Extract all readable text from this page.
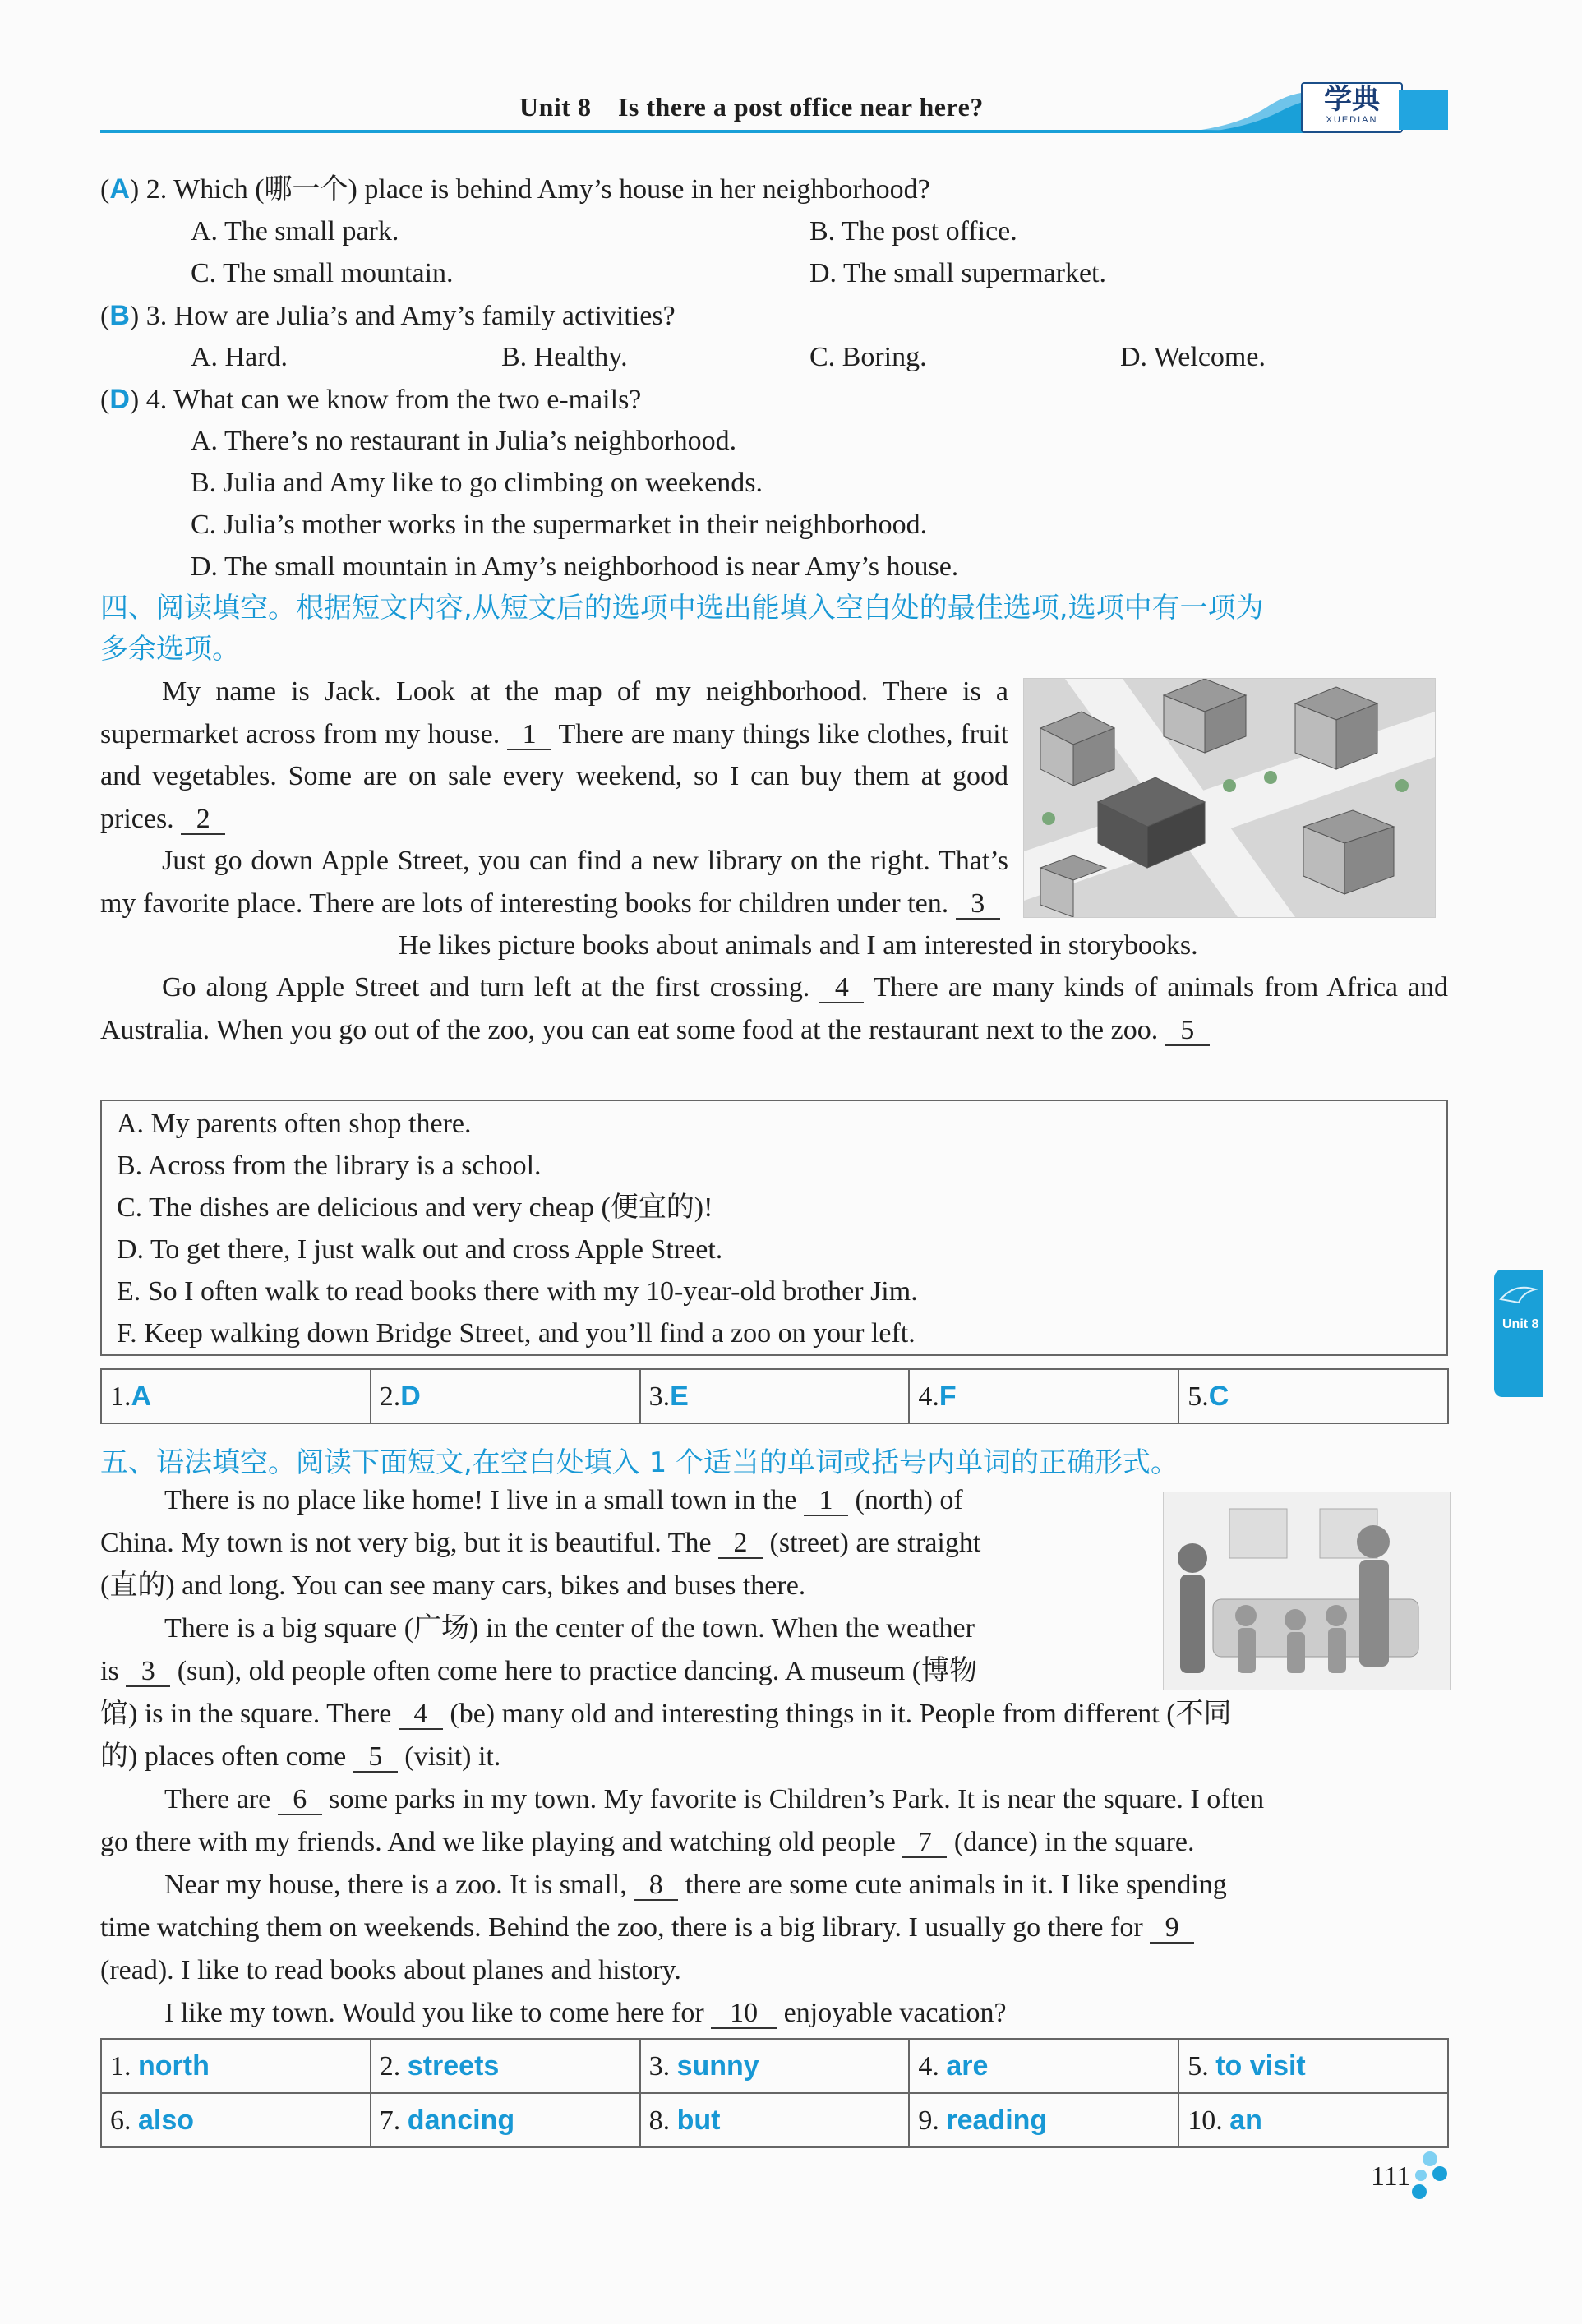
Unit 8 Is there a post office near here?	学典
XUEDIAN
(A) 2. Which (哪一个) place is behind Amy’s house in her neighborhood?
A. The small park.	B. The post office.
C. The small mountain.	D. The small supermarket.
(B) 3. How are Julia’s and Amy’s family activities?
A. Hard.	B. Healthy.	C. Boring.	D. Welcome.
(D) 4. What can we know from the two e-mails?
A. There’s no restaurant in Julia’s neighborhood.
B. Julia and Amy like to go climbing on weekends.
C. Julia’s mother works in the supermarket in their neighborhood.
D. The small mountain in Amy’s neighborhood is near Amy’s house.
四、阅读填空。根据短文内容,从短文后的选项中选出能填入空白处的最佳选项,选项中有一项为
多余选项。
My name is Jack. Look at the map of my neighborhood. There is a supermarket across from my house. 1 There are many things like clothes, fruit and vegetables. Some are on sale every weekend, so I can buy them at good prices. 2
Just go down Apple Street, you can find a new library on the right. That’s my favorite place. There are lots of interesting books for children under ten. 3
He likes picture books about animals and I am interested in storybooks.
Go along Apple Street and turn left at the first crossing. 4 There are many kinds of animals from Africa and Australia. When you go out of the zoo, you can eat some food at the restaurant next to the zoo. 5
A. My parents often shop there.
B. Across from the library is a school.
C. The dishes are delicious and very cheap (便宜的)!
D. To get there, I just walk out and cross Apple Street.
E. So I often walk to read books there with my 10-year-old brother Jim.
F. Keep walking down Bridge Street, and you’ll find a zoo on your left.
1.A	2.D	3.E	4.F	5.C
五、语法填空。阅读下面短文,在空白处填入 1 个适当的单词或括号内单词的正确形式。
There is no place like home! I live in a small town in the 1 (north) of
China. My town is not very big, but it is beautiful. The 2 (street) are straight
(直的) and long. You can see many cars, bikes and buses there.
There is a big square (广场) in the center of the town. When the weather
is 3 (sun), old people often come here to practice dancing. A museum (博物
馆) is in the square. There 4 (be) many old and interesting things in it. People from different (不同
的) places often come 5 (visit) it.
There are 6 some parks in my town. My favorite is Children’s Park. It is near the square. I often
go there with my friends. And we like playing and watching old people 7 (dance) in the square.
Near my house, there is a zoo. It is small, 8 there are some cute animals in it. I like spending
time watching them on weekends. Behind the zoo, there is a big library. I usually go there for 9
(read). I like to read books about planes and history.
I like my town. Would you like to come here for 10 enjoyable vacation?
1. north	2. streets	3. sunny	4. are	5. to visit
6. also	7. dancing	8. but	9. reading	10. an
Unit 8
111
